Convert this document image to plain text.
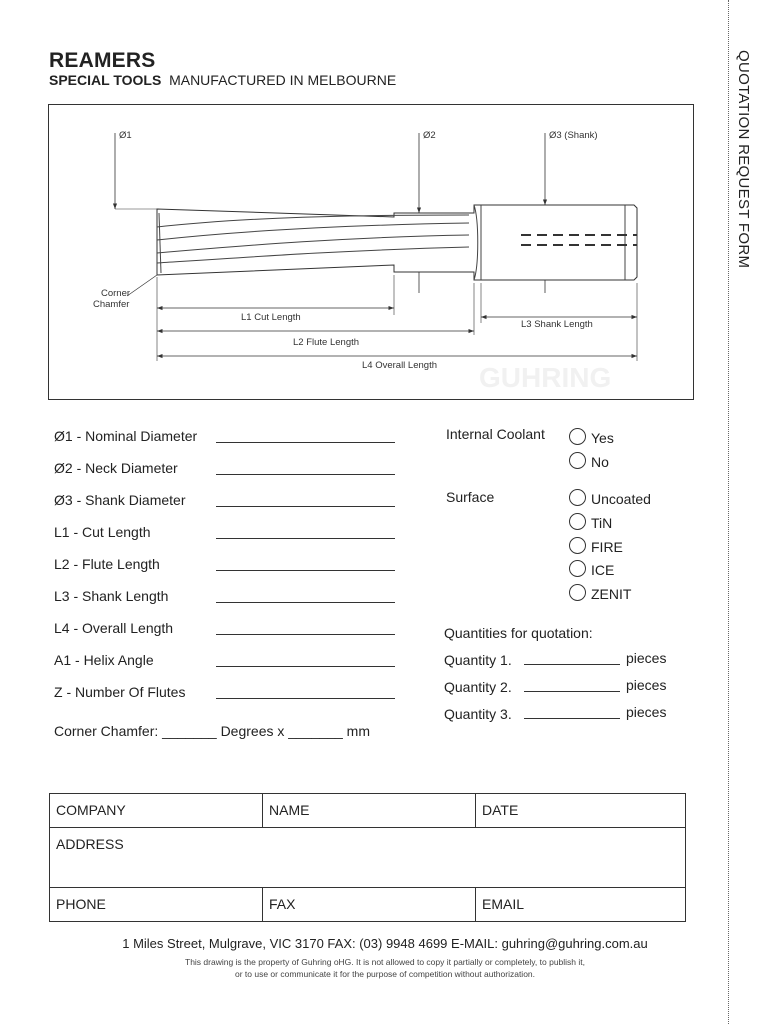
REAMERS
SPECIAL TOOLS MANUFACTURED IN MELBOURNE	QUOTATION REQUEST FORM
GUHRING
Ø1	Ø2	Ø3 (Shank)
Corner
Chamfer
L1 Cut Length
L2 Flute Length
L3 Shank Length
L4 Overall Length
Ø1 - Nominal Diameter
Ø2 - Neck Diameter
Ø3 - Shank Diameter
L1 - Cut Length
L2 - Flute Length
L3 - Shank Length
L4 - Overall Length
A1 - Helix Angle
Z - Number Of Flutes
Corner Chamfer: _______ Degrees x _______ mm
Internal Coolant	Yes
No
Surface	Uncoated
TiN
FIRE
ICE
ZENIT
Quantities for quotation:
Quantity 1.	pieces
Quantity 2.	pieces
Quantity 3.	pieces
COMPANY	NAME	DATE
ADDRESS		
PHONE	FAX	EMAIL
1 Miles Street, Mulgrave, VIC 3170 FAX: (03) 9948 4699 E-MAIL: guhring@guhring.com.au
This drawing is the property of Guhring oHG. It is not allowed to copy it partially or completely, to publish it,
or to use or communicate it for the purpose of competition without authorization.
